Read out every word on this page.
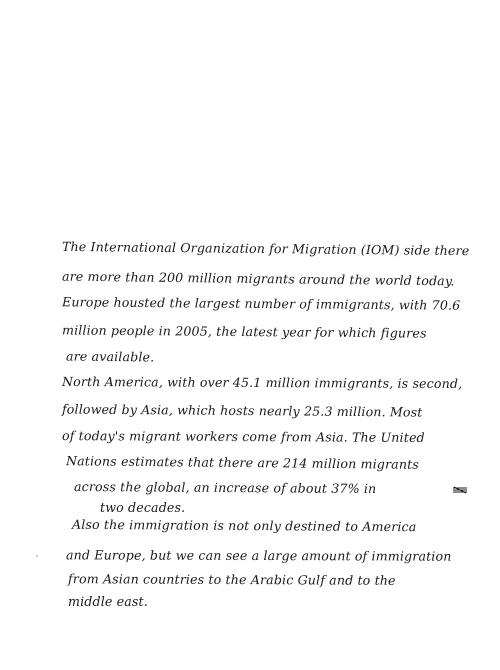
The International Organization for Migration (IOM) side there
are more than 200 million migrants around the world today.
Europe housted the largest number of immigrants, with 70.6
million people in 2005, the latest year for which figures
are available.
North America, with over 45.1 million immigrants, is second,
followed by Asia, which hosts nearly 25.3 million. Most
of today's migrant workers come from Asia. The United
Nations estimates that there are 214 million migrants
across the global, an increase of about 37% in
two decades.
Also the immigration is not only destined to America
and Europe, but we can see a large amount of immigration
from Asian countries to the Arabic Gulf and to the
middle east.
